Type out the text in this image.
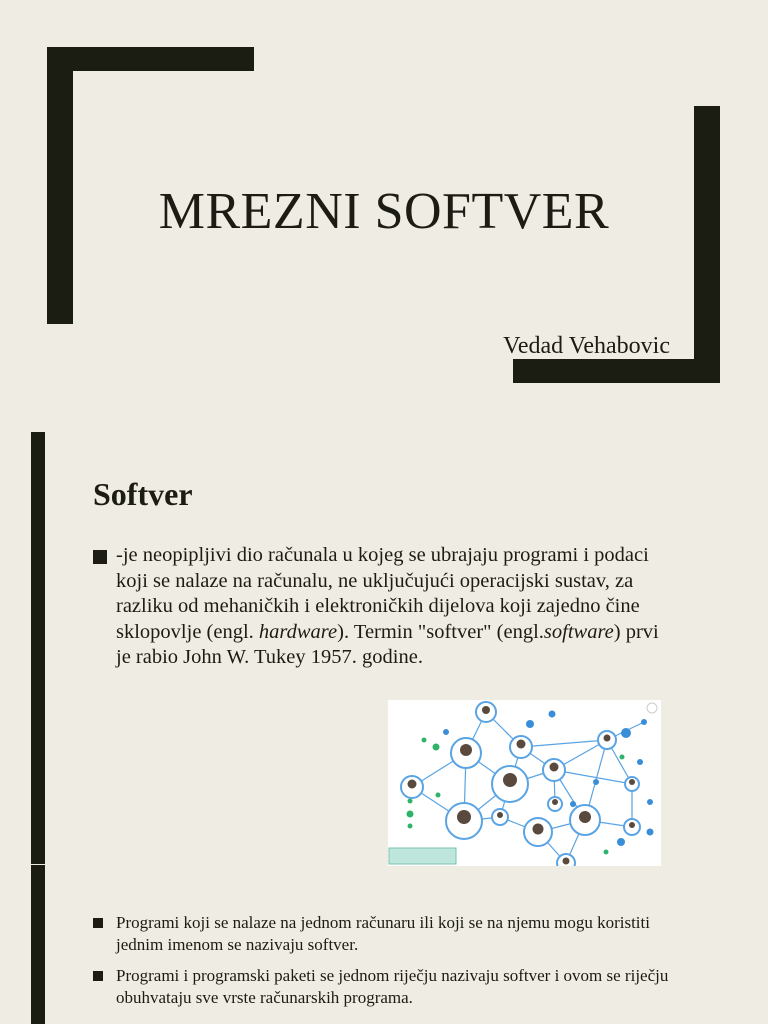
MREZNI SOFTVER
Vedad Vehabovic
Softver
-je neopipljivi dio računala u kojeg se ubrajaju programi i podaci koji se nalaze na računalu, ne uključujući operacijski sustav, za razliku od mehaničkih i elektroničkih dijelova koji zajedno čine sklopovlje (engl. hardware). Termin "softver" (engl.software) prvi je rabio John W. Tukey 1957. godine.
Programi koji se nalaze na jednom računaru ili koji se na njemu mogu koristiti jednim imenom se nazivaju softver.
Programi i programski paketi se jednom riječju nazivaju softver i ovom se riječju obuhvataju sve vrste računarskih programa.
